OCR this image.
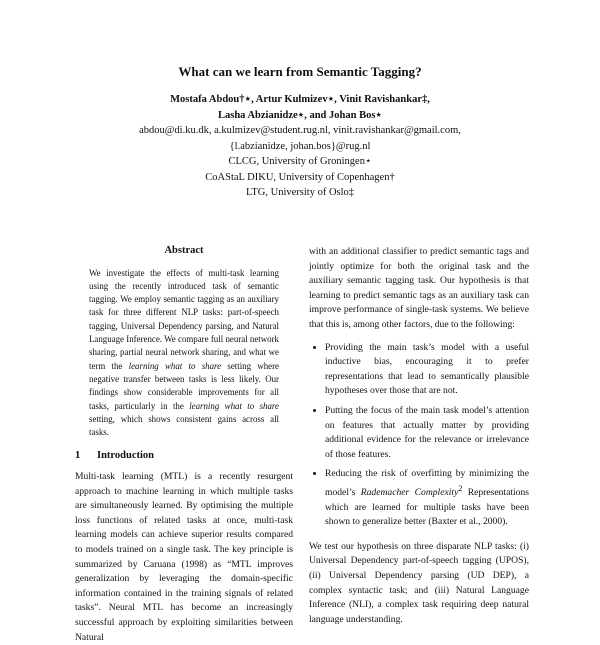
What can we learn from Semantic Tagging?
Mostafa Abdou†⋆, Artur Kulmizev⋆, Vinit Ravishankar‡,
Lasha Abzianidze⋆, and Johan Bos⋆
abdou@di.ku.dk, a.kulmizev@student.rug.nl, vinit.ravishankar@gmail.com,
{l.abzianidze, johan.bos}@rug.nl
CLCG, University of Groningen⋆
CoAStaL DIKU, University of Copenhagen†
LTG, University of Oslo‡
Abstract

We investigate the effects of multi-task learning using the recently introduced task of semantic tagging. We employ semantic tagging as an auxiliary task for three different NLP tasks: part-of-speech tagging, Universal Dependency parsing, and Natural Language Inference. We compare full neural network sharing, partial neural network sharing, and what we term the learning what to share setting where negative transfer between tasks is less likely. Our findings show considerable improvements for all tasks, particularly in the learning what to share setting, which shows consistent gains across all tasks.

1 Introduction

Multi-task learning (MTL) is a recently resurgent approach to machine learning in which multiple tasks are simultaneously learned. By optimising the multiple loss functions of related tasks at once, multi-task learning models can achieve superior results compared to models trained on a single task. The key principle is summarized by Caruana (1998) as “MTL improves generalization by leveraging the domain-specific information contained in the training signals of related tasks”. Neural MTL has become an increasingly successful approach by exploiting similarities between Natural

with an additional classifier to predict semantic tags and jointly optimize for both the original task and the auxiliary semantic tagging task. Our hypothesis is that learning to predict semantic tags as an auxiliary task can improve performance of single-task systems. We believe that this is, among other factors, due to the following:

• Providing the main task’s model with a useful inductive bias, encouraging it to prefer representations that lead to semantically plausible hypotheses over those that are not.
• Putting the focus of the main task model’s attention on features that actually matter by providing additional evidence for the relevance or irrelevance of those features.
• Reducing the risk of overfitting by minimizing the model’s Rademacher Complexity$^2$ Representations which are learned for multiple tasks have been shown to generalize better (Baxter et al., 2000).

We test our hypothesis on three disparate NLP tasks: (i) Universal Dependency part-of-speech tagging (UPOS), (ii) Universal Dependency parsing (UD DEP), a complex syntactic task; and (iii) Natural Language Inference (NLI), a complex task requiring deep natural language understanding.
